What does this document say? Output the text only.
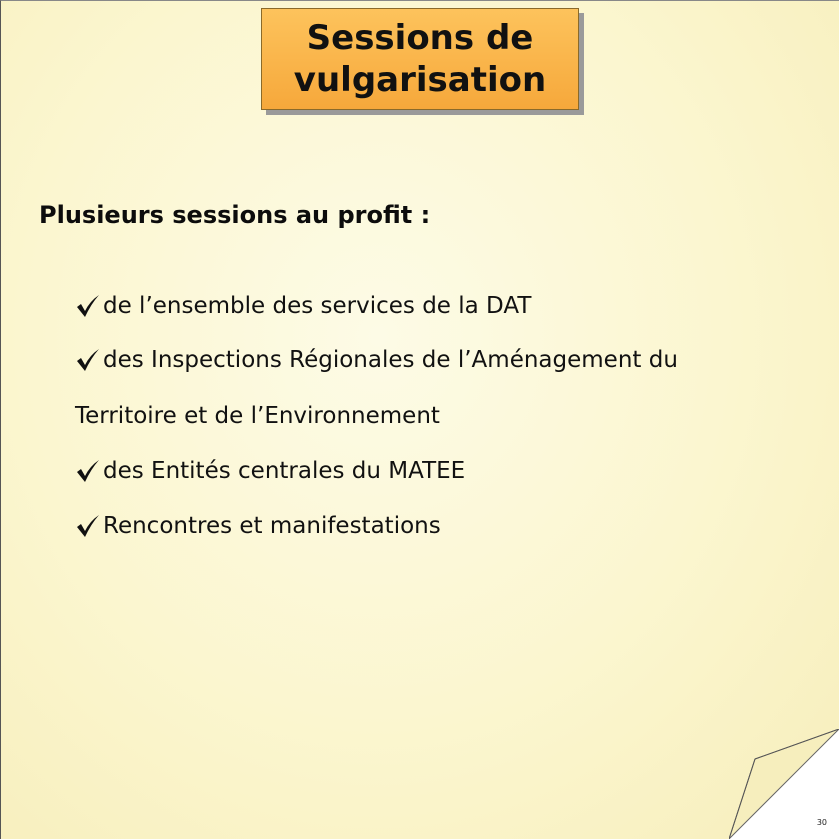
Sessions de
vulgarisation
Plusieurs sessions au profit :
de l’ensemble des services de la DAT
des Inspections Régionales de l’Aménagement du
Territoire et de l’Environnement
des Entités centrales du MATEE
Rencontres et manifestations
30
